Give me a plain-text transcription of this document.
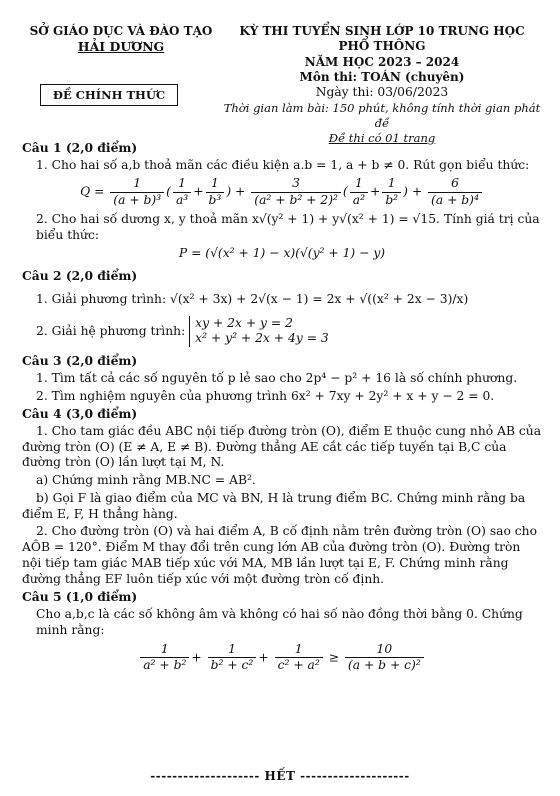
SỞ GIÁO DỤC VÀ ĐÀO TẠO
HẢI DƯƠNG
ĐỀ CHÍNH THỨC
KỲ THI TUYỂN SINH LỚP 10 TRUNG HỌC PHỔ THÔNG
NĂM HỌC 2023 – 2024
Môn thi: TOÁN (chuyên)
Ngày thi: 03/06/2023
Thời gian làm bài: 150 phút, không tính thời gian phát đề
Đề thi có 01 trang
Câu 1 (2,0 điểm)
1. Cho hai số a,b thoả mãn các điều kiện a.b = 1, a + b ≠ 0. Rút gọn biểu thức:
$Q = \frac{1}{\text{(a + b)³}}$ ( $\frac{1}{\text{a³}} + \frac{1}{\text{b³}}$ ) + $\frac{3}{\text{(a² + b² + 2)²}}$ ( $\frac{1}{\text{a²}} + \frac{1}{\text{b²}}$ ) + $\frac{6}{\text{(a + b)⁴}}$
2. Cho hai số dương x, y thoả mãn x√(y² + 1) + y√(x² + 1) = √15. Tính giá trị của biểu thức:
P = (√(x² + 1) − x)(√(y² + 1) − y)
Câu 2 (2,0 điểm)
1. Giải phương trình: √(x² + 3x) + 2√(x − 1) = 2x + √((x² + 2x − 3)/x)
2. Giải hệ phương trình:
xy + 2x + y = 2
x² + y² + 2x + 4y = 3
Câu 3 (2,0 điểm)
1. Tìm tất cả các số nguyên tố p lẻ sao cho 2p⁴ − p² + 16 là số chính phương.
2. Tìm nghiệm nguyên của phương trình 6x² + 7xy + 2y² + x + y − 2 = 0.
Câu 4 (3,0 điểm)
1. Cho tam giác đều ABC nội tiếp đường tròn (O), điểm E thuộc cung nhỏ AB của đường tròn (O) (E ≠ A, E ≠ B). Đường thẳng AE cắt các tiếp tuyến tại B,C của đường tròn (O) lần lượt tại M, N.
a) Chứng minh rằng MB.NC = AB².
b) Gọi F là giao điểm của MC và BN, H là trung điểm BC. Chứng minh rằng ba điểm E, F, H thẳng hàng.
2. Cho đường tròn (O) và hai điểm A, B cố định nằm trên đường tròn (O) sao cho AÔB = 120°. Điểm M thay đổi trên cung lớn AB của đường tròn (O). Đường tròn nội tiếp tam giác MAB tiếp xúc với MA, MB lần lượt tại E, F. Chứng minh rằng đường thẳng EF luôn tiếp xúc với một đường tròn cố định.
Câu 5 (1,0 điểm)
Cho a,b,c là các số không âm và không có hai số nào đồng thời bằng 0. Chứng minh rằng:
$\frac{1}{\text{a² + b²}} + \frac{1}{\text{b² + c²}} + \frac{1}{\text{c² + a²}} \ge \frac{10}{\text{(a + b + c)²}}$
-------------------- HẾT --------------------
